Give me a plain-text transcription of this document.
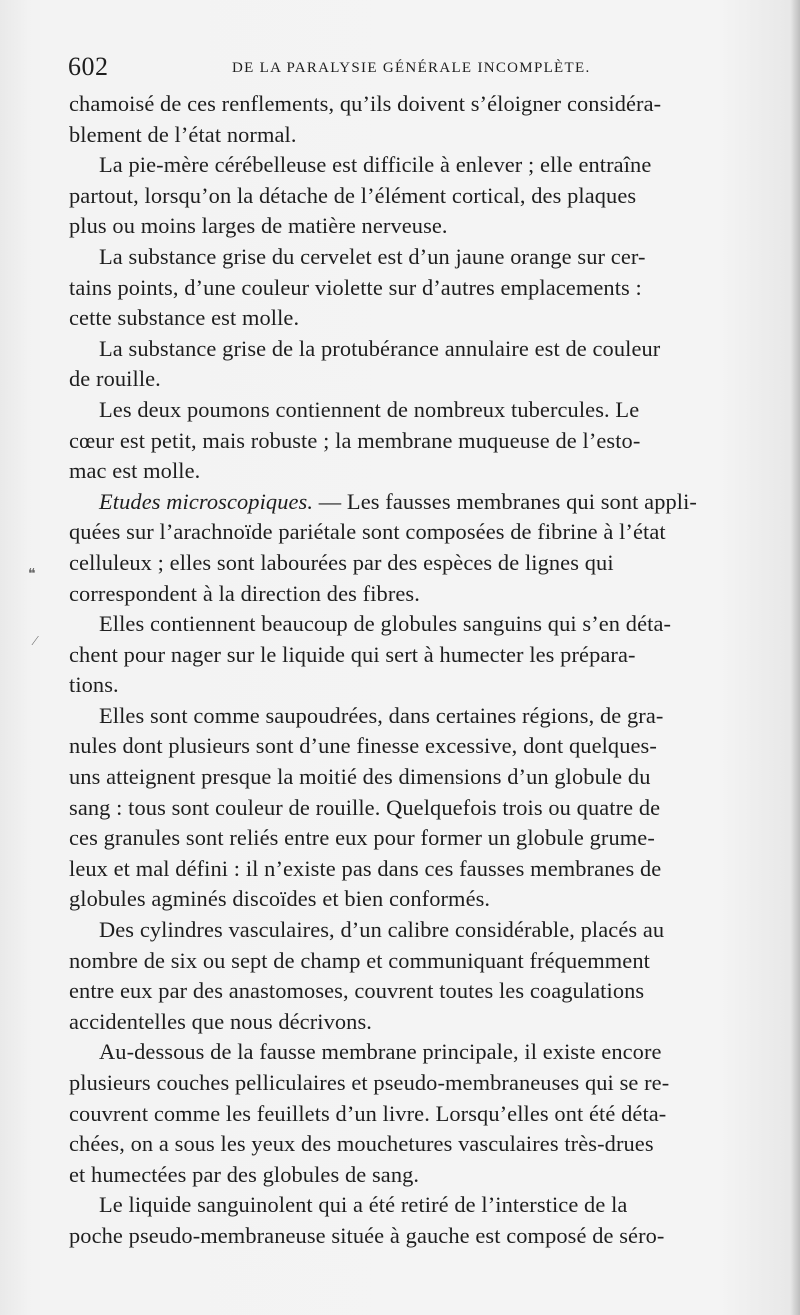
602	DE LA PARALYSIE GÉNÉRALE INCOMPLÈTE.
❝
⁄
chamoisé de ces renflements, qu’ils doivent s’éloigner considéra-
blement de l’état normal.
La pie-mère cérébelleuse est difficile à enlever ; elle entraîne
partout, lorsqu’on la détache de l’élément cortical, des plaques
plus ou moins larges de matière nerveuse.
La substance grise du cervelet est d’un jaune orange sur cer-
tains points, d’une couleur violette sur d’autres emplacements :
cette substance est molle.
La substance grise de la protubérance annulaire est de couleur
de rouille.
Les deux poumons contiennent de nombreux tubercules. Le
cœur est petit, mais robuste ; la membrane muqueuse de l’esto-
mac est molle.
Etudes microscopiques. — Les fausses membranes qui sont appli-
quées sur l’arachnoïde pariétale sont composées de fibrine à l’état
celluleux ; elles sont labourées par des espèces de lignes qui
correspondent à la direction des fibres.
Elles contiennent beaucoup de globules sanguins qui s’en déta-
chent pour nager sur le liquide qui sert à humecter les prépara-
tions.
Elles sont comme saupoudrées, dans certaines régions, de gra-
nules dont plusieurs sont d’une finesse excessive, dont quelques-
uns atteignent presque la moitié des dimensions d’un globule du
sang : tous sont couleur de rouille. Quelquefois trois ou quatre de
ces granules sont reliés entre eux pour former un globule grume-
leux et mal défini : il n’existe pas dans ces fausses membranes de
globules agminés discoïdes et bien conformés.
Des cylindres vasculaires, d’un calibre considérable, placés au
nombre de six ou sept de champ et communiquant fréquemment
entre eux par des anastomoses, couvrent toutes les coagulations
accidentelles que nous décrivons.
Au-dessous de la fausse membrane principale, il existe encore
plusieurs couches pelliculaires et pseudo-membraneuses qui se re-
couvrent comme les feuillets d’un livre. Lorsqu’elles ont été déta-
chées, on a sous les yeux des mouchetures vasculaires très-drues
et humectées par des globules de sang.
Le liquide sanguinolent qui a été retiré de l’interstice de la
poche pseudo-membraneuse située à gauche est composé de séro-
